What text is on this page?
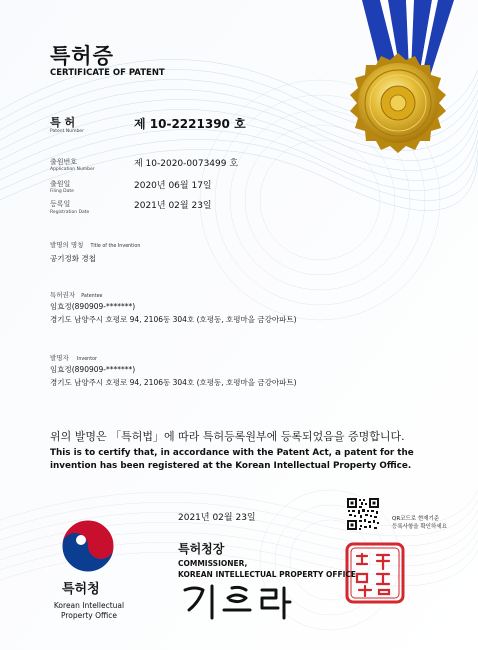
특허증
CERTIFICATE OF PATENT
특 허
Patent Number
제 10-2221390 호
출원번호
Application Number
제 10-2020-0073499 호
출원일
Filing Date
2020년 06월 17일
등록일
Registration Date
2021년 02월 23일
발명의 명칭 Title of the Invention
공기정화 경첩
특허권자 Patentee
임효정(890909-*******)
경기도 남양주시 호평로 94, 2106동 304호 (호평동, 호평마을 금강아파트)
발명자 Inventor
임효정(890909-*******)
경기도 남양주시 호평로 94, 2106동 304호 (호평동, 호평마을 금강아파트)
위의 발명은 「특허법」에 따라 특허등록원부에 등록되었음을 증명합니다.
This is to certify that, in accordance with the Patent Act, a patent for the
invention has been registered at the Korean Intellectual Property Office.
2021년 02월 23일	QR코드로 현재기준
등록사항을 확인하세요
특허청
Korean Intellectual
Property Office
특허청장
COMMISSIONER,
KOREAN INTELLECTUAL PROPERTY OFFICE
